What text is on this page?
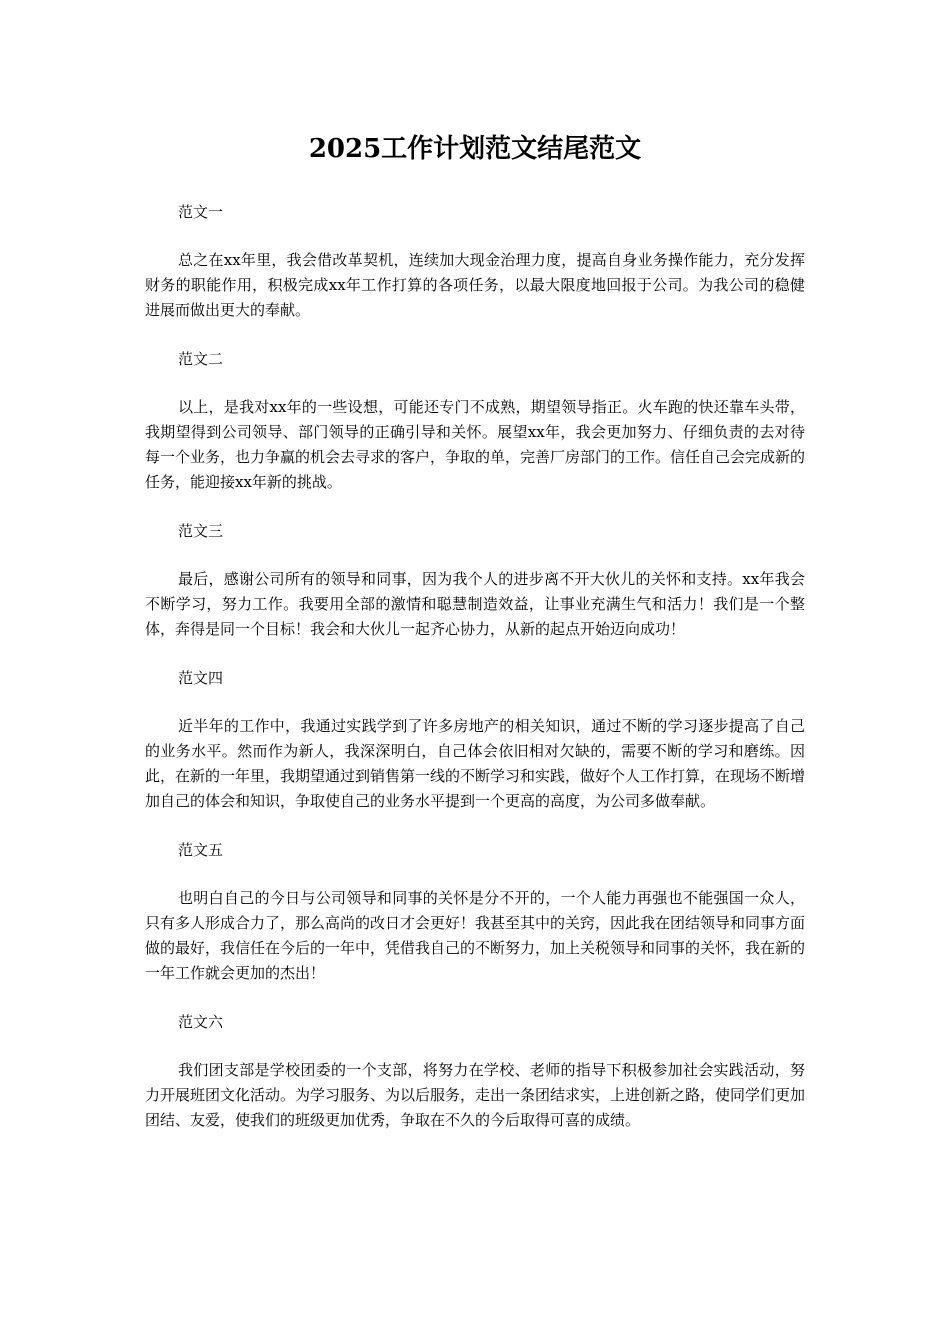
2025工作计划范文结尾范文
范文一

总之在xx年里，我会借改革契机，连续加大现金治理力度，提高自身业务操作能力，充分发挥财务的职能作用，积极完成xx年工作打算的各项任务，以最大限度地回报于公司。为我公司的稳健进展而做出更大的奉献。

范文二

以上，是我对xx年的一些设想，可能还专门不成熟，期望领导指正。火车跑的快还靠车头带，我期望得到公司领导、部门领导的正确引导和关怀。展望xx年，我会更加努力、仔细负责的去对待每一个业务，也力争赢的机会去寻求的客户，争取的单，完善厂房部门的工作。信任自己会完成新的任务，能迎接xx年新的挑战。

范文三

最后，感谢公司所有的领导和同事，因为我个人的进步离不开大伙儿的关怀和支持。xx年我会不断学习，努力工作。我要用全部的激情和聪慧制造效益，让事业充满生气和活力！我们是一个整体，奔得是同一个目标！我会和大伙儿一起齐心协力，从新的起点开始迈向成功！

范文四

近半年的工作中，我通过实践学到了许多房地产的相关知识，通过不断的学习逐步提高了自己的业务水平。然而作为新人，我深深明白，自己体会依旧相对欠缺的，需要不断的学习和磨练。因此，在新的一年里，我期望通过到销售第一线的不断学习和实践，做好个人工作打算，在现场不断增加自己的体会和知识，争取使自己的业务水平提到一个更高的高度，为公司多做奉献。

范文五

也明白自己的今日与公司领导和同事的关怀是分不开的，一个人能力再强也不能强国一众人，只有多人形成合力了，那么高尚的改日才会更好！我甚至其中的关窍，因此我在团结领导和同事方面做的最好，我信任在今后的一年中，凭借我自己的不断努力，加上关税领导和同事的关怀，我在新的一年工作就会更加的杰出！

范文六

我们团支部是学校团委的一个支部，将努力在学校、老师的指导下积极参加社会实践活动，努力开展班团文化活动。为学习服务、为以后服务，走出一条团结求实，上进创新之路，使同学们更加团结、友爱，使我们的班级更加优秀，争取在不久的今后取得可喜的成绩。
